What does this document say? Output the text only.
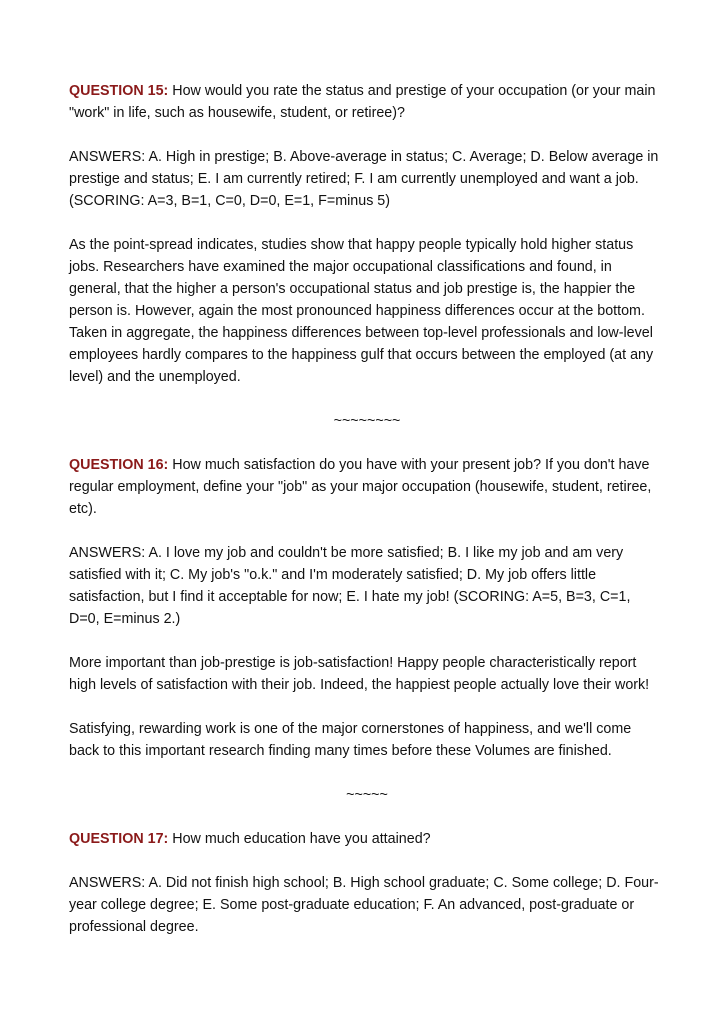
QUESTION 15: How would you rate the status and prestige of your occupation (or your main "work" in life, such as housewife, student, or retiree)?

ANSWERS: A. High in prestige; B. Above-average in status; C. Average; D. Below average in prestige and status; E. I am currently retired; F. I am currently unemployed and want a job. (SCORING: A=3, B=1, C=0, D=0, E=1, F=minus 5)

As the point-spread indicates, studies show that happy people typically hold higher status jobs. Researchers have examined the major occupational classifications and found, in general, that the higher a person's occupational status and job prestige is, the happier the person is. However, again the most pronounced happiness differences occur at the bottom. Taken in aggregate, the happiness differences between top-level professionals and low-level employees hardly compares to the happiness gulf that occurs between the employed (at any level) and the unemployed.

~~~~~~~~

QUESTION 16: How much satisfaction do you have with your present job? If you don't have regular employment, define your "job" as your major occupation (housewife, student, retiree, etc).

ANSWERS: A. I love my job and couldn't be more satisfied; B. I like my job and am very satisfied with it; C. My job's "o.k." and I'm moderately satisfied; D. My job offers little satisfaction, but I find it acceptable for now; E. I hate my job! (SCORING: A=5, B=3, C=1, D=0, E=minus 2.)

More important than job-prestige is job-satisfaction! Happy people characteristically report high levels of satisfaction with their job. Indeed, the happiest people actually love their work!

Satisfying, rewarding work is one of the major cornerstones of happiness, and we'll come back to this important research finding many times before these Volumes are finished.

~~~~~

QUESTION 17: How much education have you attained?

ANSWERS: A. Did not finish high school; B. High school graduate; C. Some college; D. Four-year college degree; E. Some post-graduate education; F. An advanced, post-graduate or professional degree.
